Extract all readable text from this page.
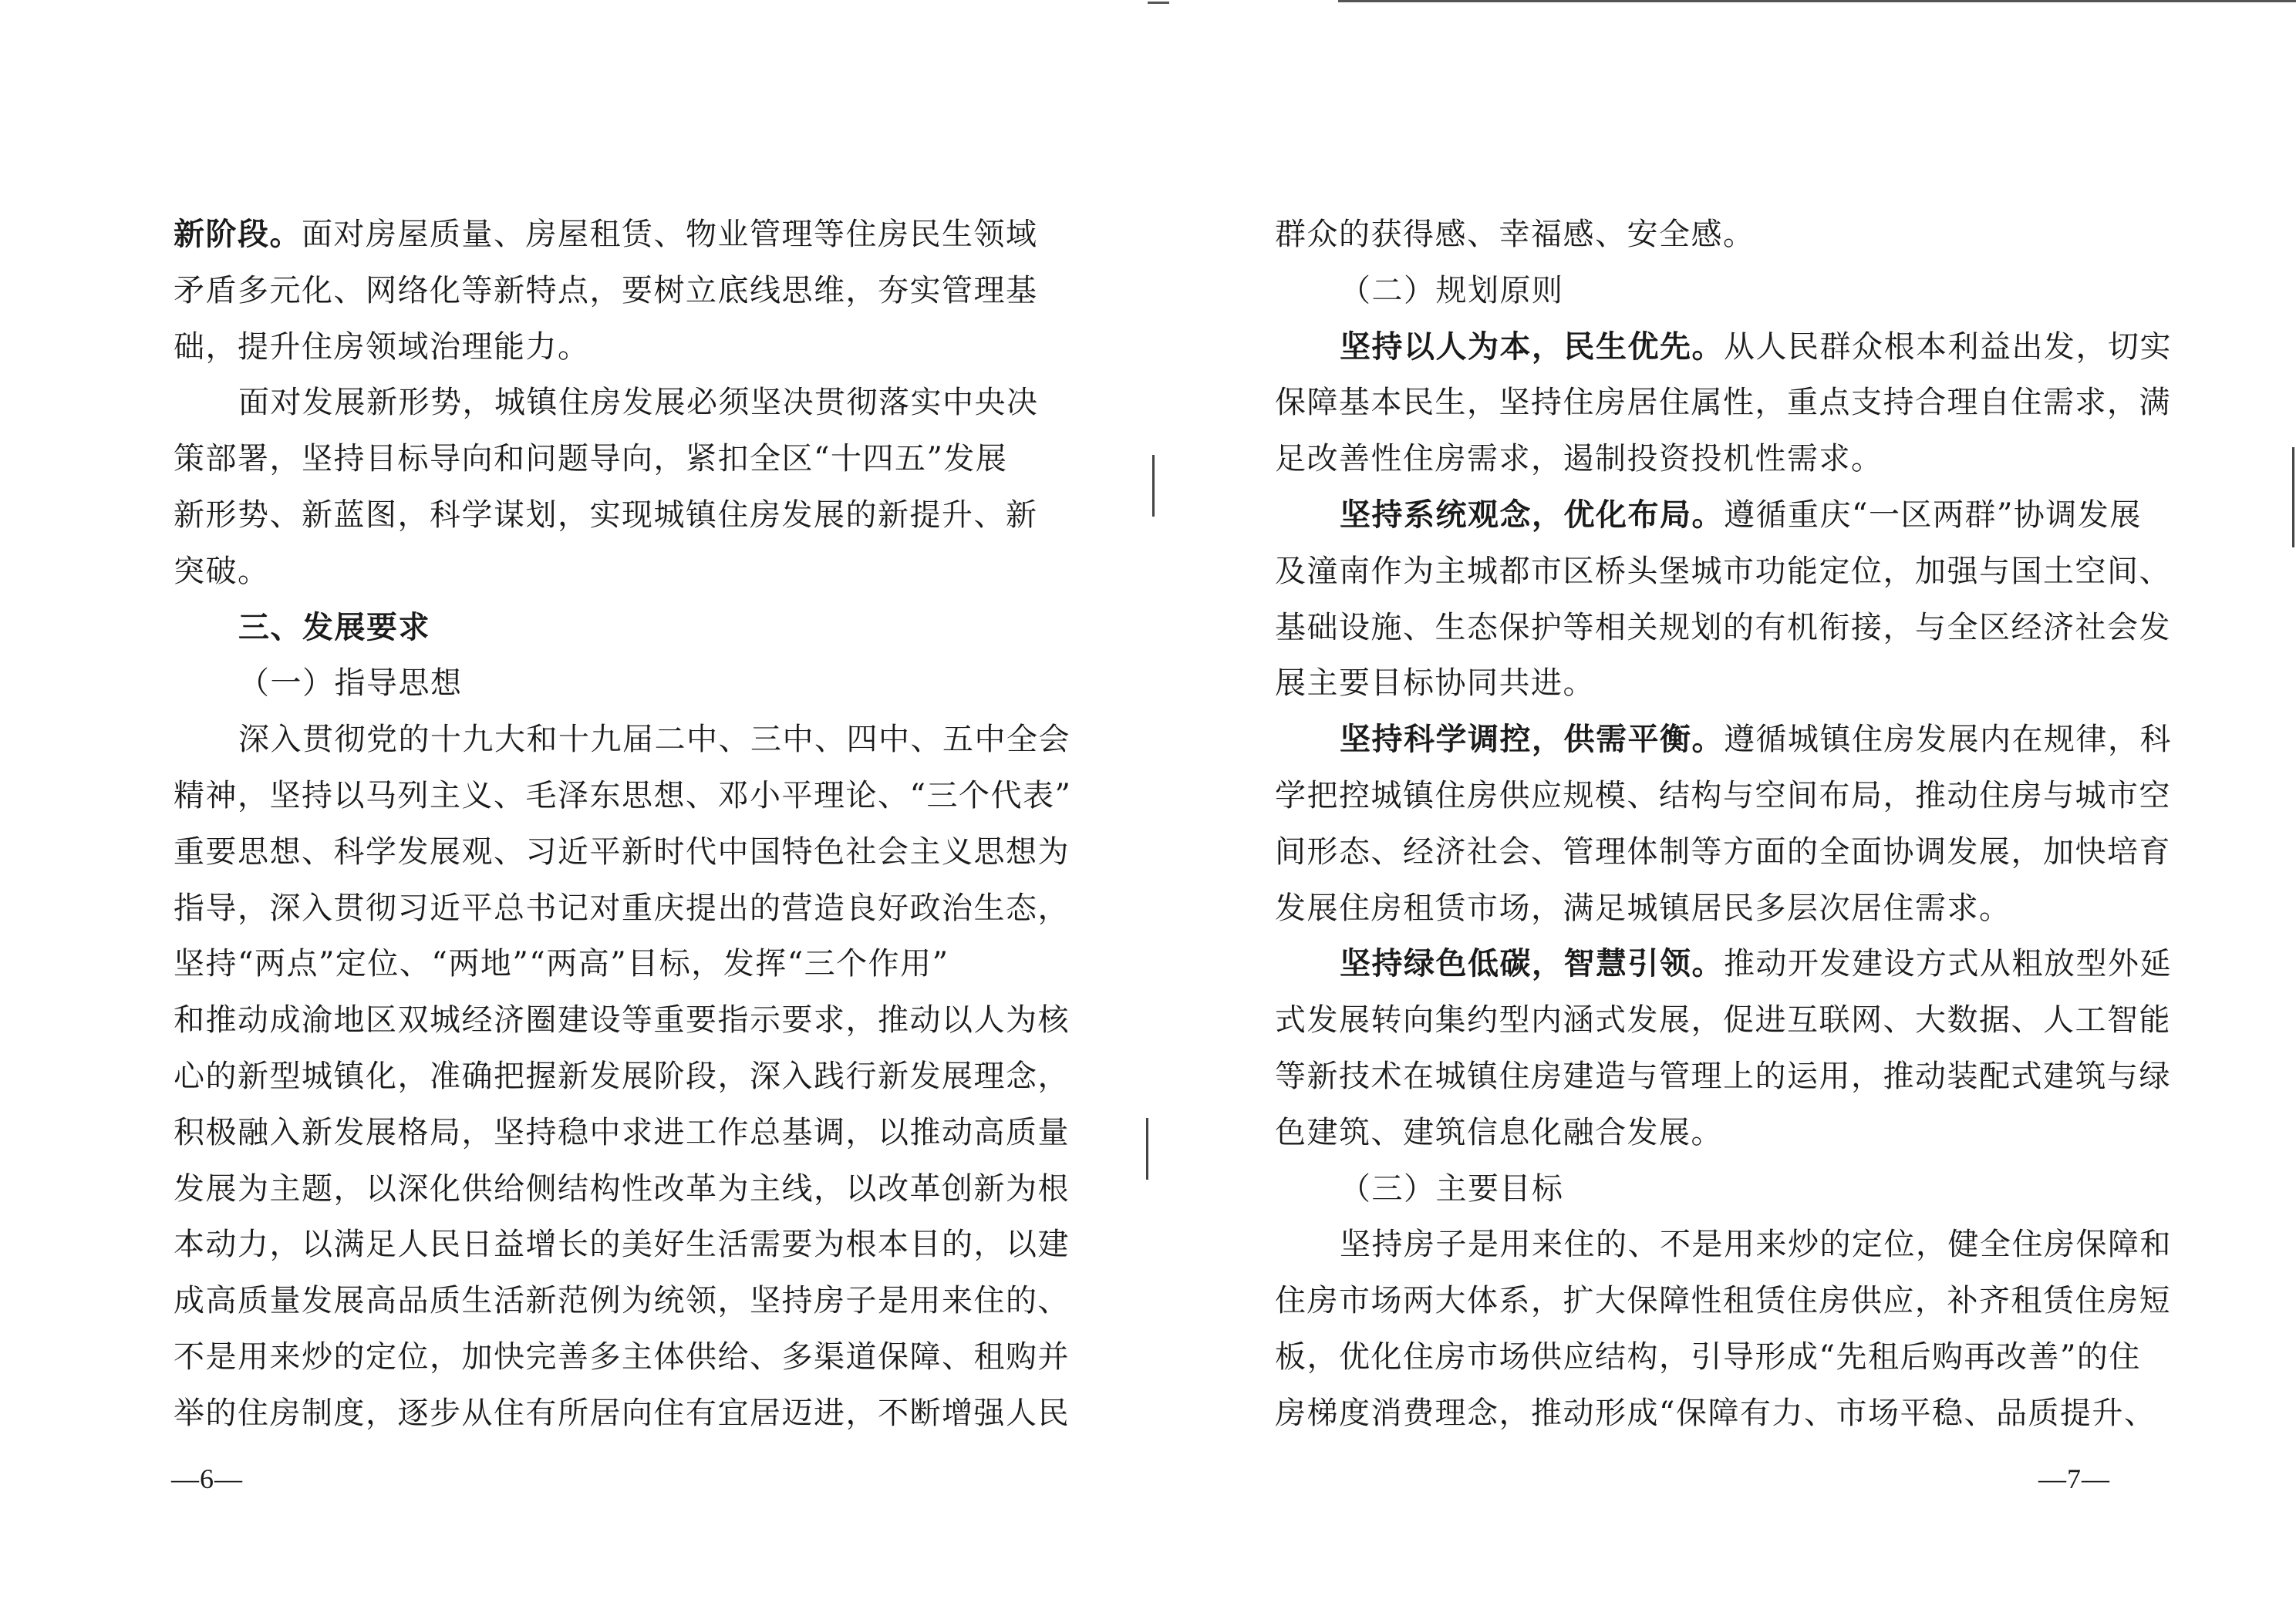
新阶段。面对房屋质量、房屋租赁、物业管理等住房民生领域
矛盾多元化、网络化等新特点，要树立底线思维，夯实管理基
础，提升住房领域治理能力。
面对发展新形势，城镇住房发展必须坚决贯彻落实中央决
策部署，坚持目标导向和问题导向，紧扣全区“十四五”发展
新形势、新蓝图，科学谋划，实现城镇住房发展的新提升、新
突破。
三、发展要求
（一）指导思想
深入贯彻党的十九大和十九届二中、三中、四中、五中全会
精神，坚持以马列主义、毛泽东思想、邓小平理论、“三个代表”
重要思想、科学发展观、习近平新时代中国特色社会主义思想为
指导，深入贯彻习近平总书记对重庆提出的营造良好政治生态，
坚持“两点”定位、“两地”“两高”目标，发挥“三个作用”
和推动成渝地区双城经济圈建设等重要指示要求，推动以人为核
心的新型城镇化，准确把握新发展阶段，深入践行新发展理念，
积极融入新发展格局，坚持稳中求进工作总基调，以推动高质量
发展为主题，以深化供给侧结构性改革为主线，以改革创新为根
本动力，以满足人民日益增长的美好生活需要为根本目的，以建
成高质量发展高品质生活新范例为统领，坚持房子是用来住的、
不是用来炒的定位，加快完善多主体供给、多渠道保障、租购并
举的住房制度，逐步从住有所居向住有宜居迈进，不断增强人民
—6—
群众的获得感、幸福感、安全感。
（二）规划原则
坚持以人为本，民生优先。从人民群众根本利益出发，切实
保障基本民生，坚持住房居住属性，重点支持合理自住需求，满
足改善性住房需求，遏制投资投机性需求。
坚持系统观念，优化布局。遵循重庆“一区两群”协调发展
及潼南作为主城都市区桥头堡城市功能定位，加强与国土空间、
基础设施、生态保护等相关规划的有机衔接，与全区经济社会发
展主要目标协同共进。
坚持科学调控，供需平衡。遵循城镇住房发展内在规律，科
学把控城镇住房供应规模、结构与空间布局，推动住房与城市空
间形态、经济社会、管理体制等方面的全面协调发展，加快培育
发展住房租赁市场，满足城镇居民多层次居住需求。
坚持绿色低碳，智慧引领。推动开发建设方式从粗放型外延
式发展转向集约型内涵式发展，促进互联网、大数据、人工智能
等新技术在城镇住房建造与管理上的运用，推动装配式建筑与绿
色建筑、建筑信息化融合发展。
（三）主要目标
坚持房子是用来住的、不是用来炒的定位，健全住房保障和
住房市场两大体系，扩大保障性租赁住房供应，补齐租赁住房短
板，优化住房市场供应结构，引导形成“先租后购再改善”的住
房梯度消费理念，推动形成“保障有力、市场平稳、品质提升、
—7—
